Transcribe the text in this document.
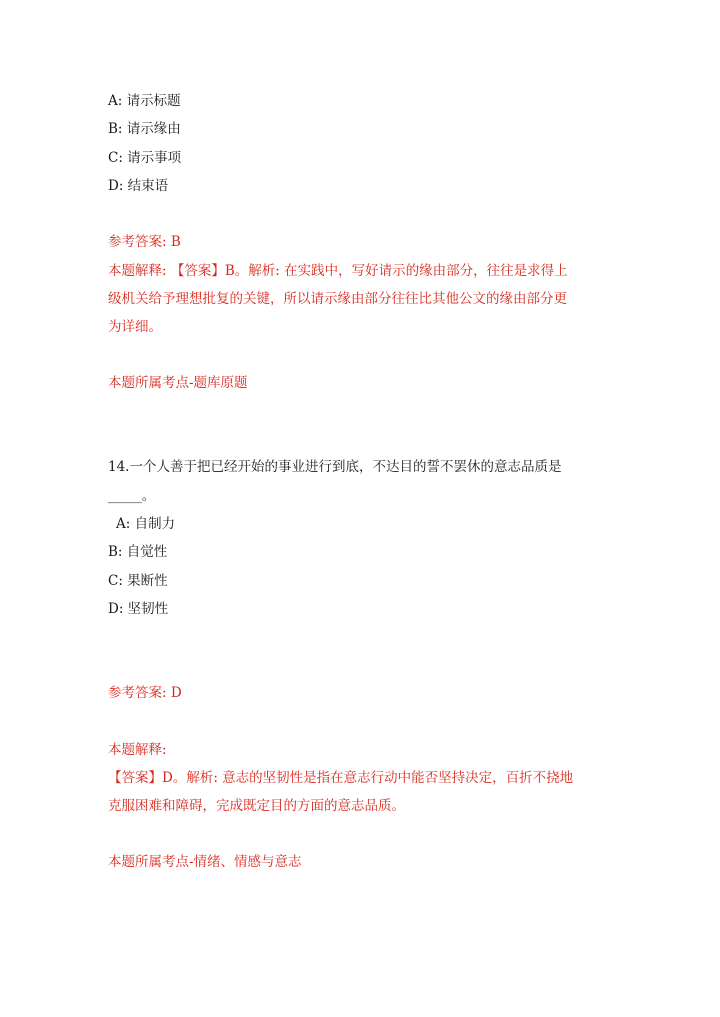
A: 请示标题
B: 请示缘由
C: 请示事项
D: 结束语
参考答案: B
本题解释: 【答案】B。解析: 在实践中，写好请示的缘由部分，往往是求得上
级机关给予理想批复的关键，所以请示缘由部分往往比其他公文的缘由部分更
为详细。
本题所属考点-题库原题
14.一个人善于把已经开始的事业进行到底，不达目的誓不罢休的意志品质是
_____。
A: 自制力
B: 自觉性
C: 果断性
D: 坚韧性
参考答案: D
本题解释:
【答案】D。解析: 意志的坚韧性是指在意志行动中能否坚持决定，百折不挠地
克服困难和障碍，完成既定目的方面的意志品质。
本题所属考点-情绪、情感与意志
